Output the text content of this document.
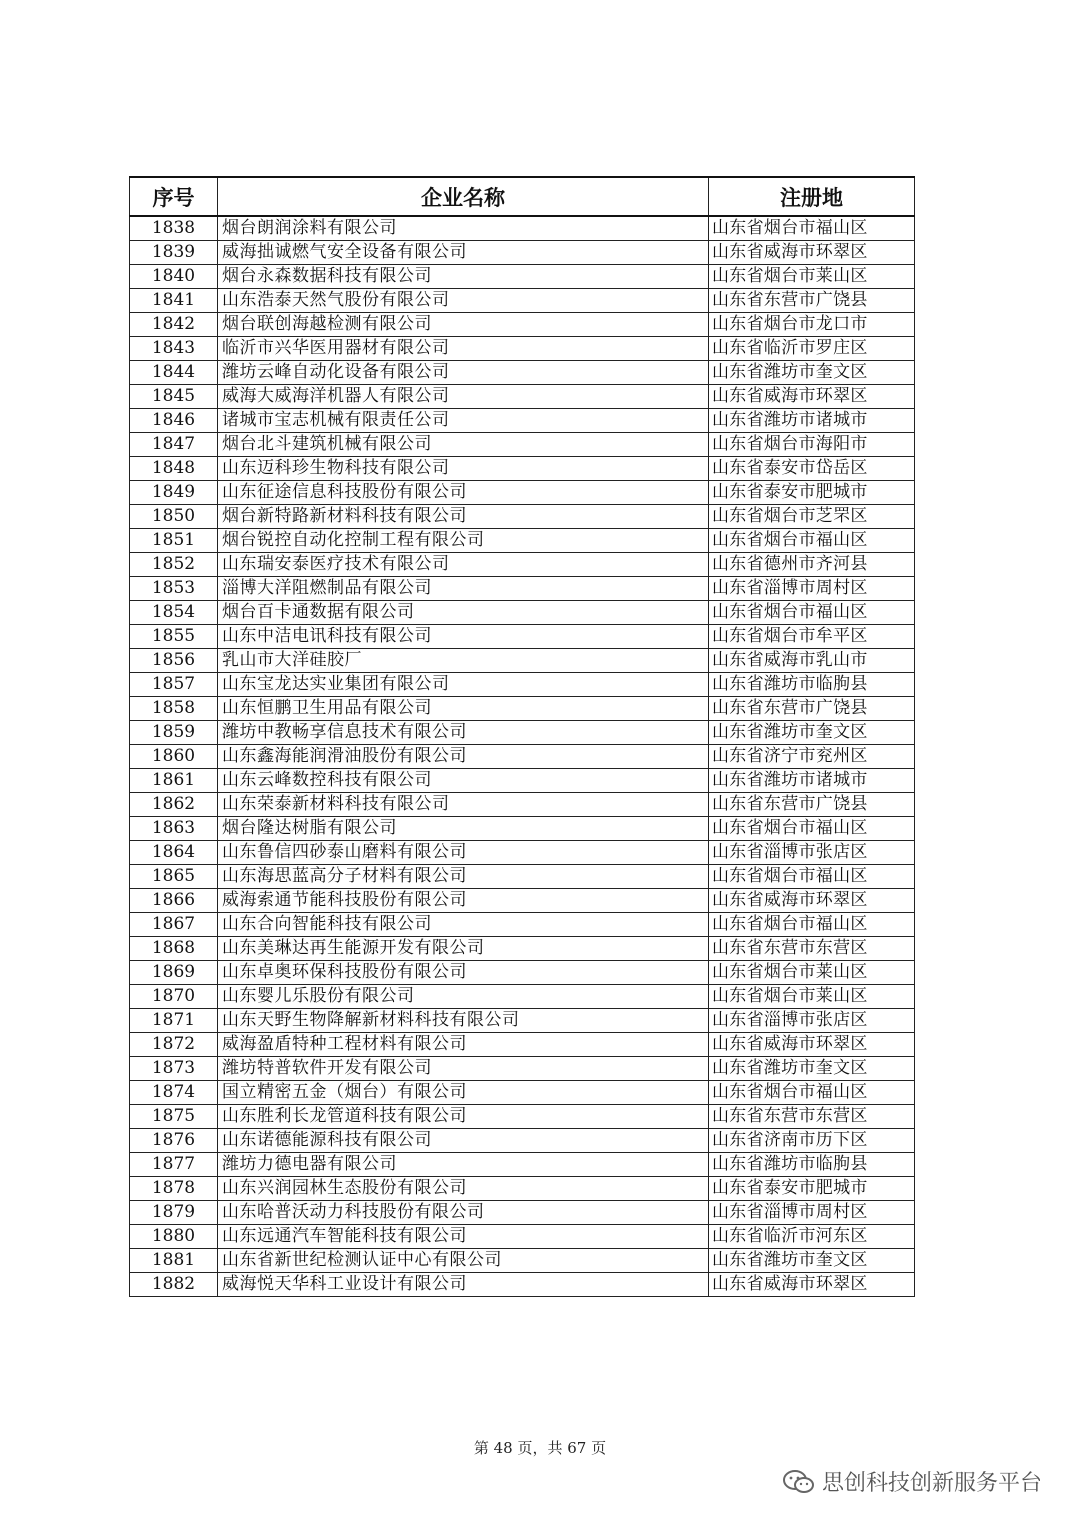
序号	企业名称	注册地
1838	烟台朗润涂料有限公司	山东省烟台市福山区
1839	威海拙诚燃气安全设备有限公司	山东省威海市环翠区
1840	烟台永森数据科技有限公司	山东省烟台市莱山区
1841	山东浩泰天然气股份有限公司	山东省东营市广饶县
1842	烟台联创海越检测有限公司	山东省烟台市龙口市
1843	临沂市兴华医用器材有限公司	山东省临沂市罗庄区
1844	潍坊云峰自动化设备有限公司	山东省潍坊市奎文区
1845	威海大威海洋机器人有限公司	山东省威海市环翠区
1846	诸城市宝志机械有限责任公司	山东省潍坊市诸城市
1847	烟台北斗建筑机械有限公司	山东省烟台市海阳市
1848	山东迈科珍生物科技有限公司	山东省泰安市岱岳区
1849	山东征途信息科技股份有限公司	山东省泰安市肥城市
1850	烟台新特路新材料科技有限公司	山东省烟台市芝罘区
1851	烟台锐控自动化控制工程有限公司	山东省烟台市福山区
1852	山东瑞安泰医疗技术有限公司	山东省德州市齐河县
1853	淄博大洋阻燃制品有限公司	山东省淄博市周村区
1854	烟台百卡通数据有限公司	山东省烟台市福山区
1855	山东中洁电讯科技有限公司	山东省烟台市牟平区
1856	乳山市大洋硅胶厂	山东省威海市乳山市
1857	山东宝龙达实业集团有限公司	山东省潍坊市临朐县
1858	山东恒鹏卫生用品有限公司	山东省东营市广饶县
1859	潍坊中教畅享信息技术有限公司	山东省潍坊市奎文区
1860	山东鑫海能润滑油股份有限公司	山东省济宁市兖州区
1861	山东云峰数控科技有限公司	山东省潍坊市诸城市
1862	山东荣泰新材料科技有限公司	山东省东营市广饶县
1863	烟台隆达树脂有限公司	山东省烟台市福山区
1864	山东鲁信四砂泰山磨料有限公司	山东省淄博市张店区
1865	山东海思蓝高分子材料有限公司	山东省烟台市福山区
1866	威海索通节能科技股份有限公司	山东省威海市环翠区
1867	山东合向智能科技有限公司	山东省烟台市福山区
1868	山东美琳达再生能源开发有限公司	山东省东营市东营区
1869	山东卓奥环保科技股份有限公司	山东省烟台市莱山区
1870	山东婴儿乐股份有限公司	山东省烟台市莱山区
1871	山东天野生物降解新材料科技有限公司	山东省淄博市张店区
1872	威海盈盾特种工程材料有限公司	山东省威海市环翠区
1873	潍坊特普软件开发有限公司	山东省潍坊市奎文区
1874	国立精密五金（烟台）有限公司	山东省烟台市福山区
1875	山东胜利长龙管道科技有限公司	山东省东营市东营区
1876	山东诺德能源科技有限公司	山东省济南市历下区
1877	潍坊力德电器有限公司	山东省潍坊市临朐县
1878	山东兴润园林生态股份有限公司	山东省泰安市肥城市
1879	山东哈普沃动力科技股份有限公司	山东省淄博市周村区
1880	山东远通汽车智能科技有限公司	山东省临沂市河东区
1881	山东省新世纪检测认证中心有限公司	山东省潍坊市奎文区
1882	威海悦天华科工业设计有限公司	山东省威海市环翠区
第 48 页，共 67 页
思创科技创新服务平台
